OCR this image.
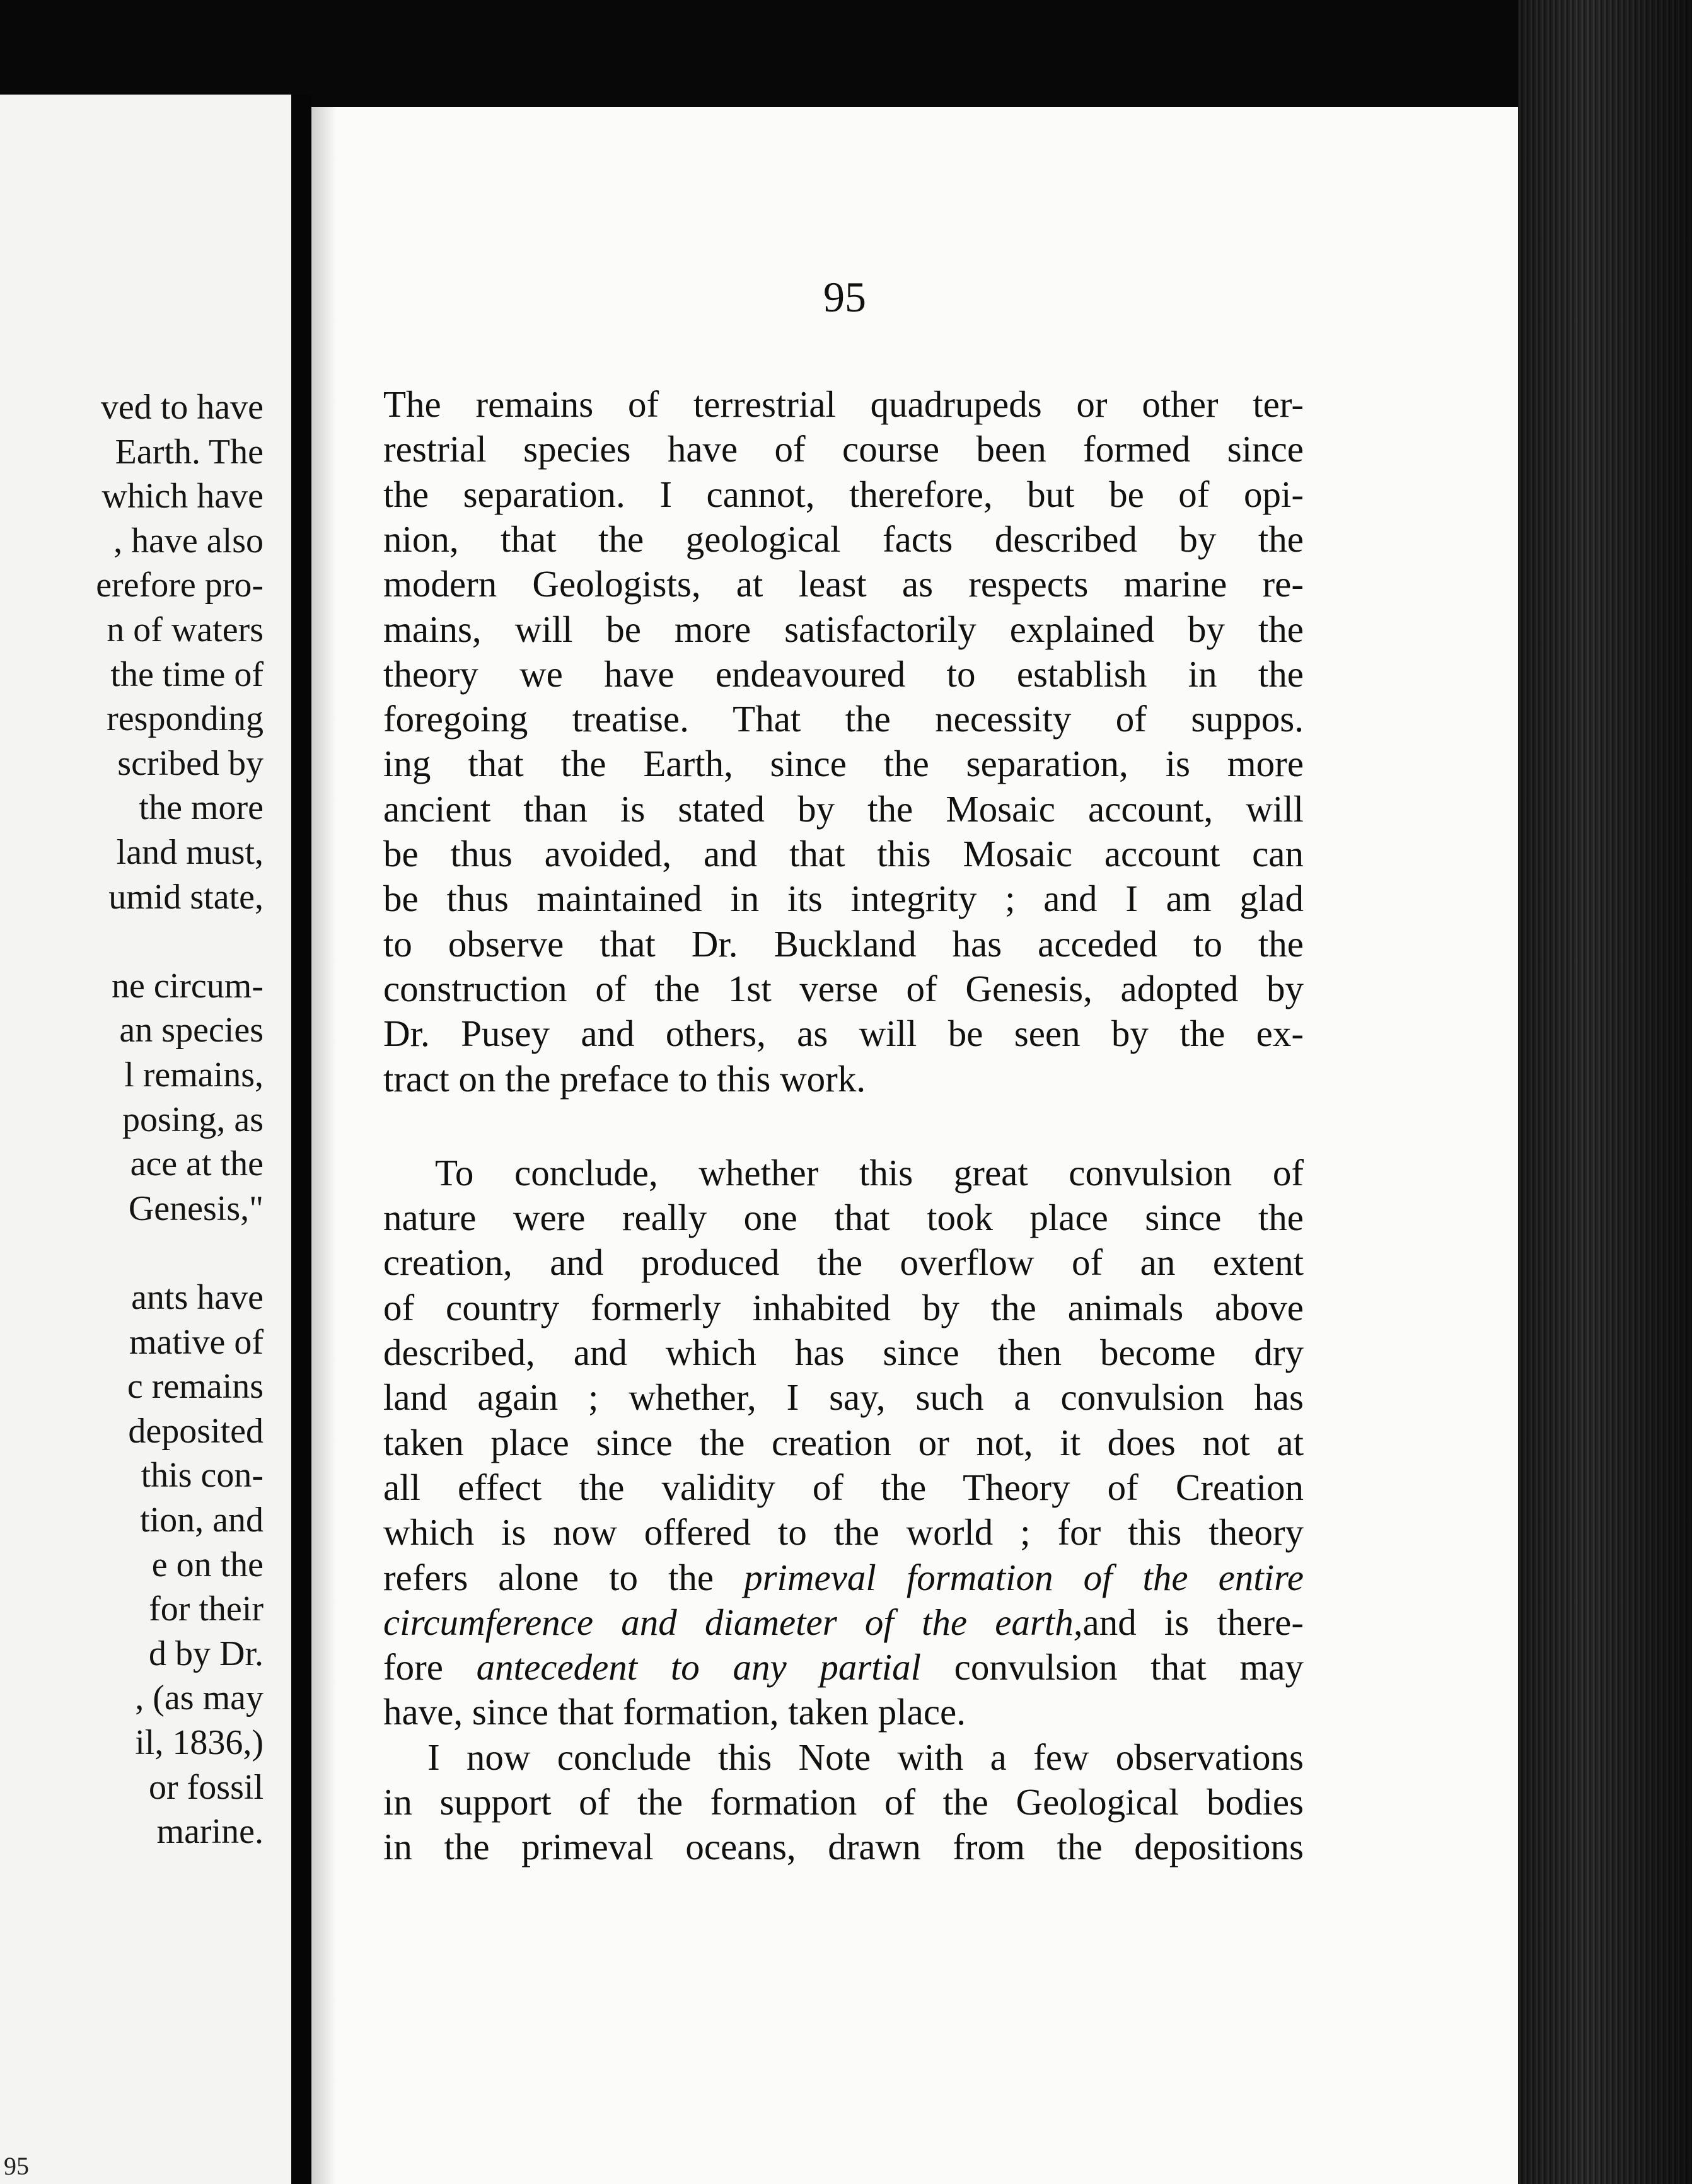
ved to have
Earth. The
which have
, have also
erefore pro-
n of waters
the time of
responding
scribed by
the more
land must,
umid state,
ne circum-
an species
l remains,
posing, as
ace at the
Genesis,"
ants have
mative of
c remains
deposited
this con-
tion, and
e on the
for their
d by Dr.
, (as may
il, 1836,)
or fossil
marine.
95
95
The remains of terrestrial quadrupeds or other ter-
restrial species have of course been formed since
the separation. I cannot, therefore, but be of opi-
nion, that the geological facts described by the
modern Geologists, at least as respects marine re-
mains, will be more satisfactorily explained by the
theory we have endeavoured to establish in the
foregoing treatise. That the necessity of suppos.
ing that the Earth, since the separation, is more
ancient than is stated by the Mosaic account, will
be thus avoided, and that this Mosaic account can
be thus maintained in its integrity ; and I am glad
to observe that Dr. Buckland has acceded to the
construction of the 1st verse of Genesis, adopted by
Dr. Pusey and others, as will be seen by the ex-
tract on the preface to this work.
To conclude, whether this great convulsion of
nature were really one that took place since the
creation, and produced the overflow of an extent
of country formerly inhabited by the animals above
described, and which has since then become dry
land again ; whether, I say, such a convulsion has
taken place since the creation or not, it does not at
all effect the validity of the Theory of Creation
which is now offered to the world ; for this theory
refers alone to the primeval formation of the entire
circumference and diameter of the earth,and is there-
fore antecedent to any partial convulsion that may
have, since that formation, taken place.
I now conclude this Note with a few observations
in support of the formation of the Geological bodies
in the primeval oceans, drawn from the depositions
